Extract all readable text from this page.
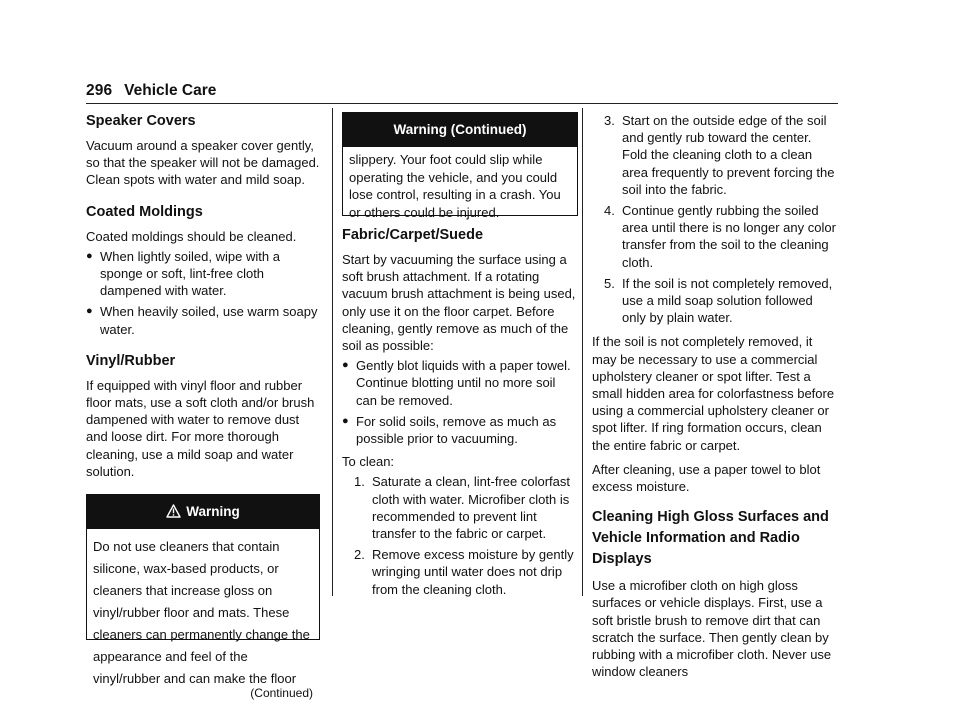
296 Vehicle Care
Speaker Covers

Vacuum around a speaker cover gently, so that the speaker will not be damaged. Clean spots with water and mild soap.

Coated Moldings

Coated moldings should be cleaned.

● When lightly soiled, wipe with a sponge or soft, lint-free cloth dampened with water.
● When heavily soiled, use warm soapy water.
Vinyl/Rubber

If equipped with vinyl floor and rubber floor mats, use a soft cloth and/or brush dampened with water to remove dust and loose dirt. For more thorough cleaning, use a mild soap and water solution.

Warning

Do not use cleaners that contain silicone, wax-based products, or cleaners that increase gloss on vinyl/rubber floor and mats. These cleaners can permanently change the appearance and feel of the vinyl/rubber and can make the floor

(Continued)
Warning (Continued)

slippery. Your foot could slip while operating the vehicle, and you could lose control, resulting in a crash. You or others could be injured.

Fabric/Carpet/Suede

Start by vacuuming the surface using a soft brush attachment. If a rotating vacuum brush attachment is being used, only use it on the floor carpet. Before cleaning, gently remove as much of the soil as possible:

● Gently blot liquids with a paper towel. Continue blotting until no more soil can be removed.
● For solid soils, remove as much as possible prior to vacuuming.

To clean:

1. Saturate a clean, lint-free colorfast cloth with water. Microfiber cloth is recommended to prevent lint transfer to the fabric or carpet.
2. Remove excess moisture by gently wringing until water does not drip from the cleaning cloth.
3. Start on the outside edge of the soil and gently rub toward the center. Fold the cleaning cloth to a clean area frequently to prevent forcing the soil into the fabric.
4. Continue gently rubbing the soiled area until there is no longer any color transfer from the soil to the cleaning cloth.
5. If the soil is not completely removed, use a mild soap solution followed only by plain water.

If the soil is not completely removed, it may be necessary to use a commercial upholstery cleaner or spot lifter. Test a small hidden area for colorfastness before using a commercial upholstery cleaner or spot lifter. If ring formation occurs, clean the entire fabric or carpet.

After cleaning, use a paper towel to blot excess moisture.

Cleaning High Gloss Surfaces and Vehicle Information and Radio Displays

Use a microfiber cloth on high gloss surfaces or vehicle displays. First, use a soft bristle brush to remove dirt that can scratch the surface. Then gently clean by rubbing with a microfiber cloth. Never use window cleaners
